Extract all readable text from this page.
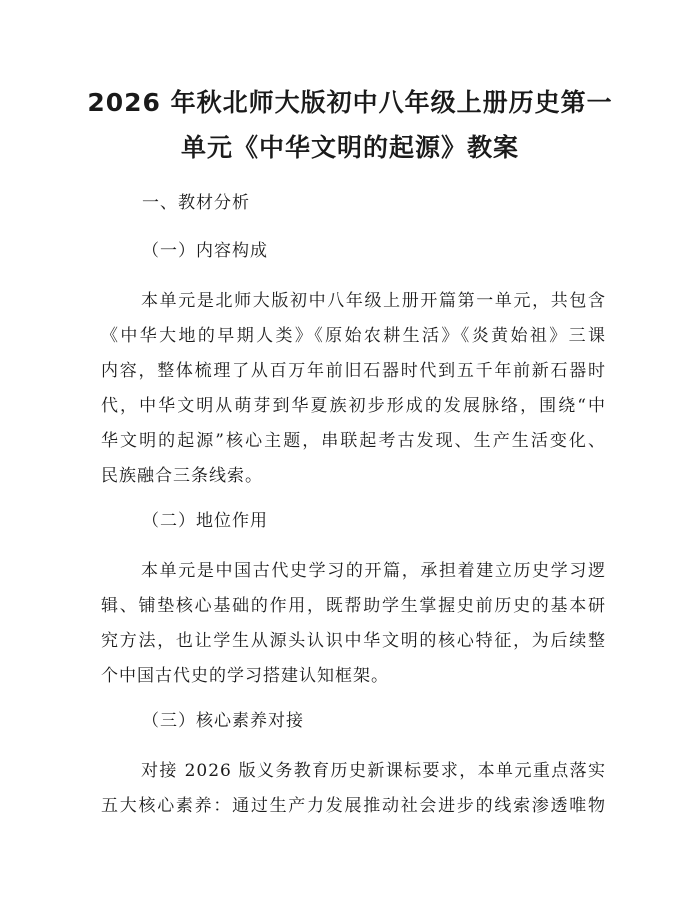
2026 年秋北师大版初中八年级上册历史第一
单元《中华文明的起源》教案
一、教材分析
（一）内容构成
本单元是北师大版初中八年级上册开篇第一单元，共包含
《中华大地的早期人类》《原始农耕生活》《炎黄始祖》三课
内容，整体梳理了从百万年前旧石器时代到五千年前新石器时
代，中华文明从萌芽到华夏族初步形成的发展脉络，围绕“中
华文明的起源”核心主题，串联起考古发现、生产生活变化、
民族融合三条线索。
（二）地位作用
本单元是中国古代史学习的开篇，承担着建立历史学习逻
辑、铺垫核心基础的作用，既帮助学生掌握史前历史的基本研
究方法，也让学生从源头认识中华文明的核心特征，为后续整
个中国古代史的学习搭建认知框架。
（三）核心素养对接
对接 2026 版义务教育历史新课标要求，本单元重点落实
五大核心素养：通过生产力发展推动社会进步的线索渗透唯物
